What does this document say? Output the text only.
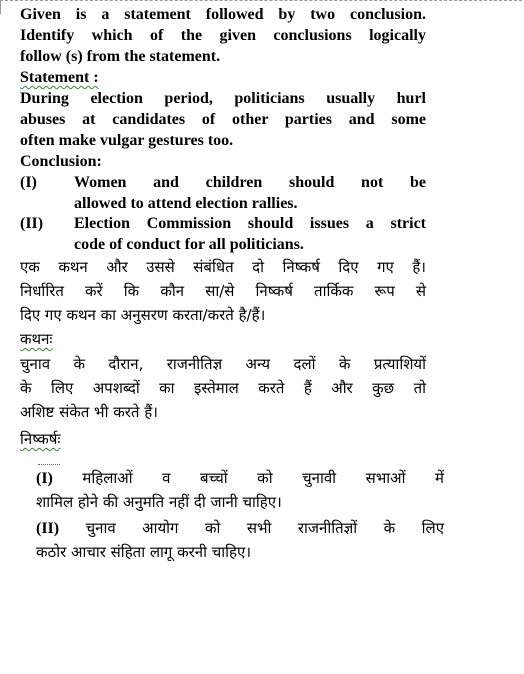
Given is a statement followed by two conclusion.
Identify which of the given conclusions logically
follow (s) from the statement.
Statement :
During election period, politicians usually hurl
abuses at candidates of other parties and some
often make vulgar gestures too.
Conclusion:
(I) Women and children should not be
allowed to attend election rallies.
(II) Election Commission should issues a strict
code of conduct for all politicians.
एक कथन और उससे संबंधित दो निष्कर्ष दिए गए हैं।
निर्धारित करें कि कौन सा/से निष्कर्ष तार्किक रूप से
दिए गए कथन का अनुसरण करता/करते है/हैं।
कथनः
चुनाव के दौरान, राजनीतिज्ञ अन्य दलों के प्रत्याशियों
के लिए अपशब्दों का इस्तेमाल करते हैं और कुछ तो
अशिष्ट संकेत भी करते हैं।
निष्कर्षः
(I) महिलाओं व बच्चों को चुनावी सभाओं में
शामिल होने की अनुमति नहीं दी जानी चाहिए।
(II) चुनाव आयोग को सभी राजनीतिज्ञों के लिए
कठोर आचार संहिता लागू करनी चाहिए।
